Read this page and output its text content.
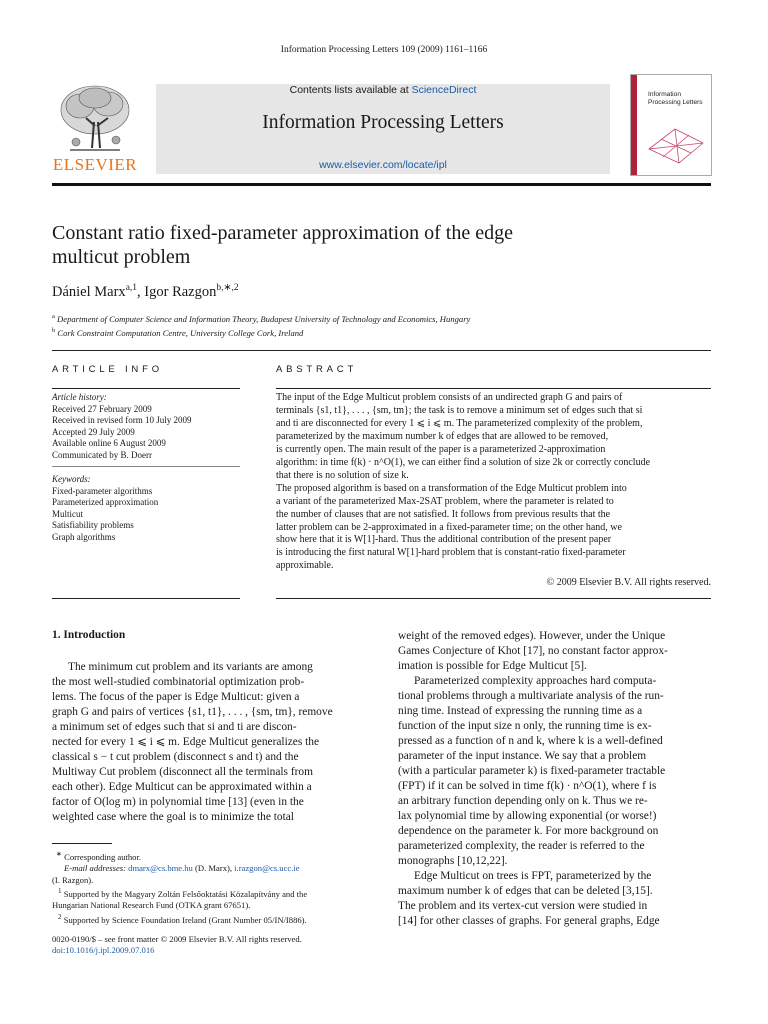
Information Processing Letters 109 (2009) 1161–1166
ELSEVIER
Contents lists available at ScienceDirect
Information Processing Letters
www.elsevier.com/locate/ipl
Information
Processing Letters
Constant ratio fixed-parameter approximation of the edge
multicut problem
Dániel Marx$^{a,1}$, Igor Razgon$^{b,∗,2}$
$^a$ Department of Computer Science and Information Theory, Budapest University of Technology and Economics, Hungary
$^b$ Cork Constraint Computation Centre, University College Cork, Ireland
ARTICLE INFO
Article history:
Received 27 February 2009
Received in revised form 10 July 2009
Accepted 29 July 2009
Available online 6 August 2009
Communicated by B. Doerr
Keywords:
Fixed-parameter algorithms
Parameterized approximation
Multicut
Satisfiability problems
Graph algorithms
ABSTRACT
The input of the Edge Multicut problem consists of an undirected graph G and pairs of
terminals {s1, t1}, . . . , {sm, tm}; the task is to remove a minimum set of edges such that si
and ti are disconnected for every 1 ⩽ i ⩽ m. The parameterized complexity of the problem,
parameterized by the maximum number k of edges that are allowed to be removed,
is currently open. The main result of the paper is a parameterized 2-approximation
algorithm: in time f(k) · n^O(1), we can either find a solution of size 2k or correctly conclude
that there is no solution of size k.
The proposed algorithm is based on a transformation of the Edge Multicut problem into
a variant of the parameterized Max-2SAT problem, where the parameter is related to
the number of clauses that are not satisfied. It follows from previous results that the
latter problem can be 2-approximated in a fixed-parameter time; on the other hand, we
show here that it is W[1]-hard. Thus the additional contribution of the present paper
is introducing the first natural W[1]-hard problem that is constant-ratio fixed-parameter
approximable.
© 2009 Elsevier B.V. All rights reserved.
1. Introduction
The minimum cut problem and its variants are among
the most well-studied combinatorial optimization prob-
lems. The focus of the paper is Edge Multicut: given a
graph G and pairs of vertices {s1, t1}, . . . , {sm, tm}, remove
a minimum set of edges such that si and ti are discon-
nected for every 1 ⩽ i ⩽ m. Edge Multicut generalizes the
classical s − t cut problem (disconnect s and t) and the
Multiway Cut problem (disconnect all the terminals from
each other). Edge Multicut can be approximated within a
factor of O(log m) in polynomial time [13] (even in the
weighted case where the goal is to minimize the total
∗ Corresponding author.
E-mail addresses: dmarx@cs.bme.hu (D. Marx), i.razgon@cs.ucc.ie
(I. Razgon).
$^1$ Supported by the Magyary Zoltán Felsőoktatási Közalapítvány and the
Hungarian National Research Fund (OTKA grant 67651).
$^2$ Supported by Science Foundation Ireland (Grant Number 05/IN/I886).
0020-0190/$ – see front matter © 2009 Elsevier B.V. All rights reserved.
doi:10.1016/j.ipl.2009.07.016
weight of the removed edges). However, under the Unique
Games Conjecture of Khot [17], no constant factor approx-
imation is possible for Edge Multicut [5].
Parameterized complexity approaches hard computa-
tional problems through a multivariate analysis of the run-
ning time. Instead of expressing the running time as a
function of the input size n only, the running time is ex-
pressed as a function of n and k, where k is a well-defined
parameter of the input instance. We say that a problem
(with a particular parameter k) is fixed-parameter tractable
(FPT) if it can be solved in time f(k) · n^O(1), where f is
an arbitrary function depending only on k. Thus we re-
lax polynomial time by allowing exponential (or worse!)
dependence on the parameter k. For more background on
parameterized complexity, the reader is referred to the
monographs [10,12,22].
Edge Multicut on trees is FPT, parameterized by the
maximum number k of edges that can be deleted [3,15].
The problem and its vertex-cut version were studied in
[14] for other classes of graphs. For general graphs, Edge
